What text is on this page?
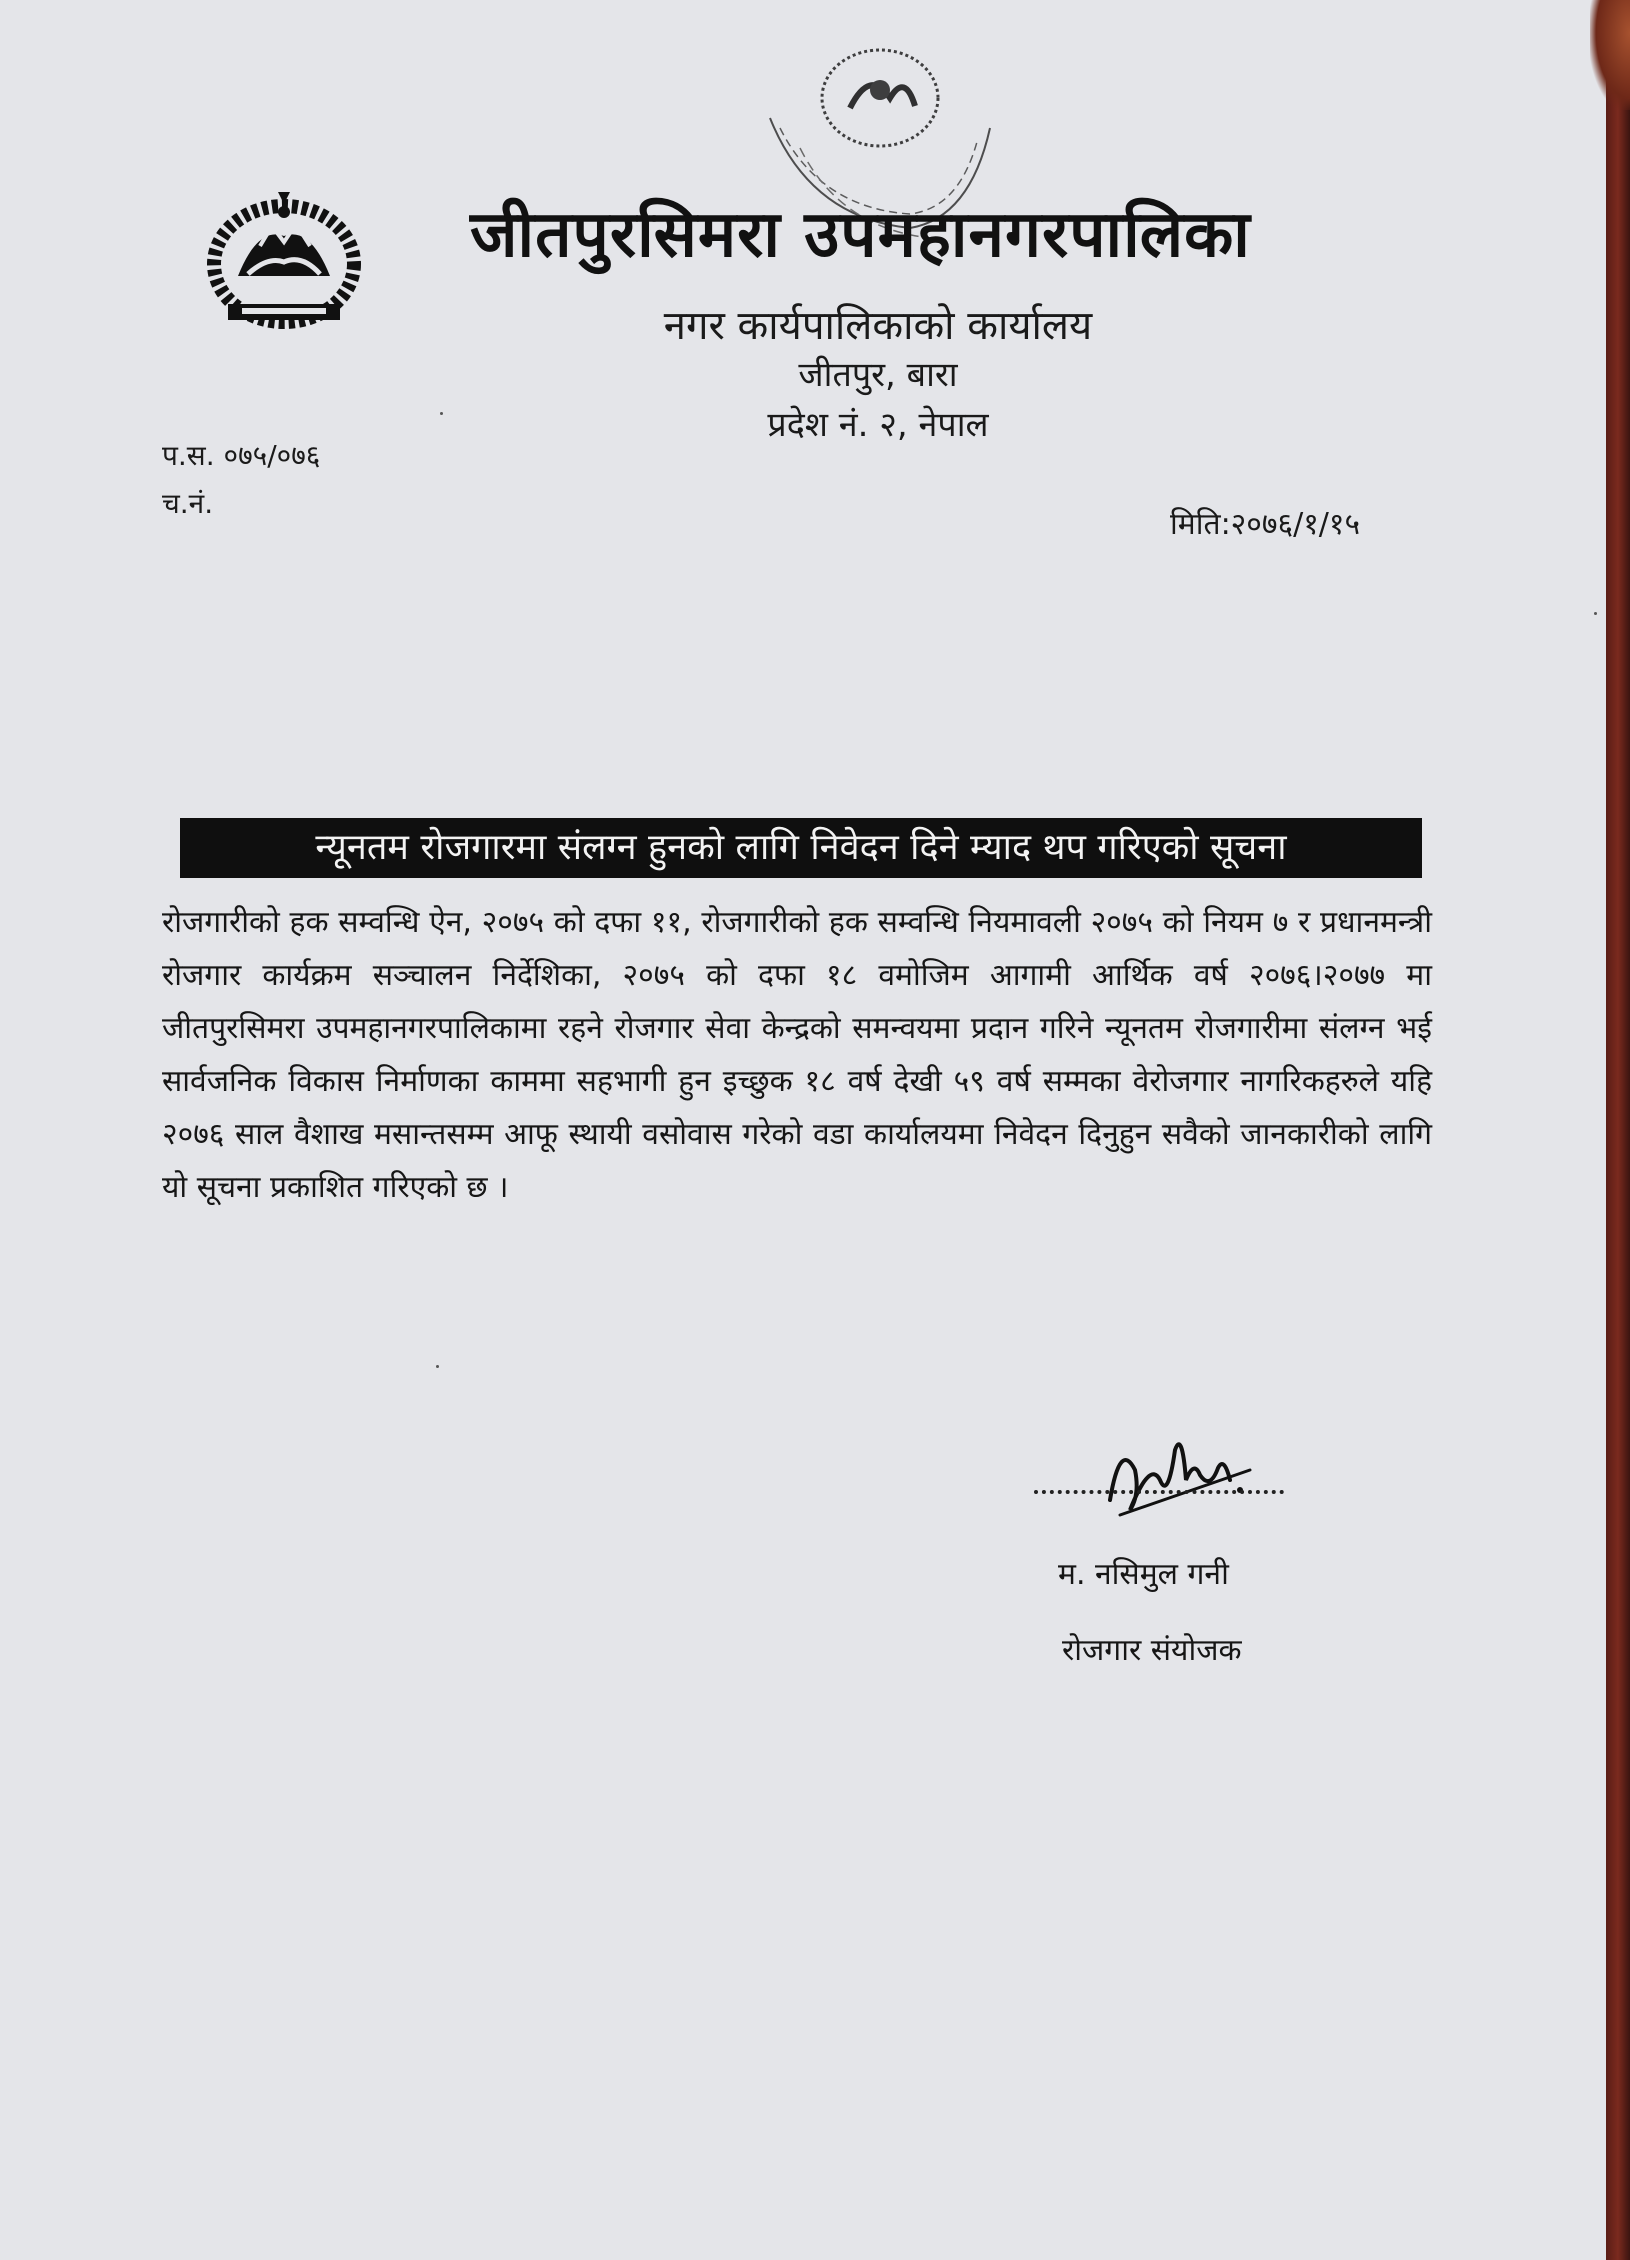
जीतपुरसिमरा उपमहानगरपालिका
नगर कार्यपालिकाको कार्यालय
जीतपुर, बारा
प्रदेश नं. २, नेपाल
प.स. ०७५/०७६
च.नं.
मिति:२०७६/१/१५
न्यूनतम रोजगारमा संलग्न हुनको लागि निवेदन दिने म्याद थप गरिएको सूचना

रोजगारीको हक सम्वन्धि ऐन, २०७५ को दफा ११, रोजगारीको हक सम्वन्धि नियमावली २०७५ को नियम ७ र प्रधानमन्त्री रोजगार कार्यक्रम सञ्चालन निर्देशिका, २०७५ को दफा १८ वमोजिम आगामी आर्थिक वर्ष २०७६।२०७७ मा जीतपुरसिमरा उपमहानगरपालिकामा रहने रोजगार सेवा केन्द्रको समन्वयमा प्रदान गरिने न्यूनतम रोजगारीमा संलग्न भई सार्वजनिक विकास निर्माणका काममा सहभागी हुन इच्छुक १८ वर्ष देखी ५९ वर्ष सम्मका वेरोजगार नागरिकहरुले यहि २०७६ साल वैशाख मसान्तसम्म आफू स्थायी वसोवास गरेको वडा कार्यालयमा निवेदन दिनुहुन सवैको जानकारीको लागि यो सूचना प्रकाशित गरिएको छ ।

म. नसिमुल गनी
रोजगार संयोजक
